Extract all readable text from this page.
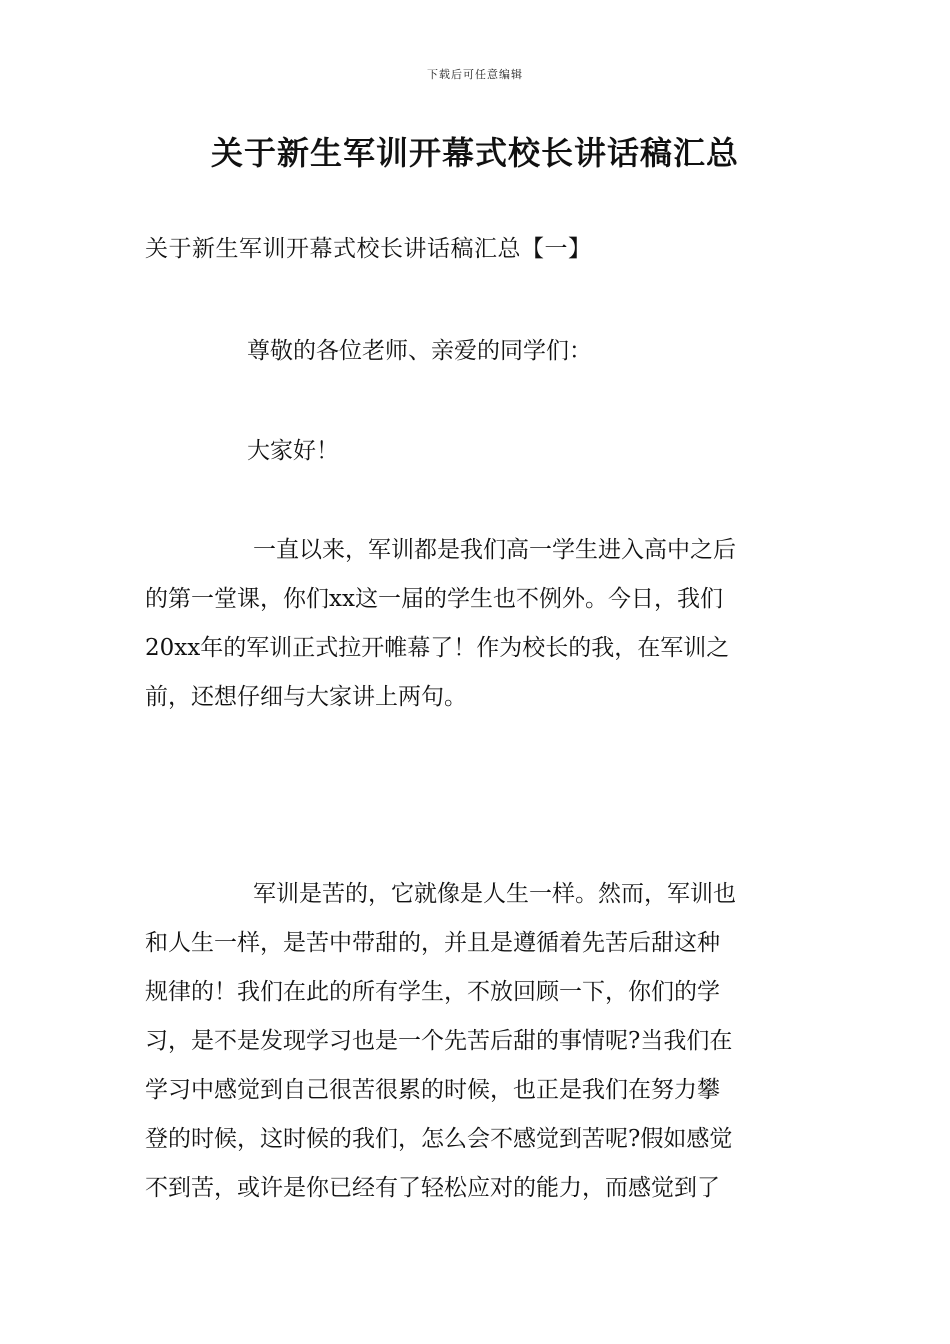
下载后可任意编辑
关于新生军训开幕式校长讲话稿汇总
关于新生军训开幕式校长讲话稿汇总【一】
尊敬的各位老师、亲爱的同学们：
大家好！
一直以来，军训都是我们高一学生进入高中之后
的第一堂课，你们xx这一届的学生也不例外。今日，我们
20xx年的军训正式拉开帷幕了！作为校长的我，在军训之
前，还想仔细与大家讲上两句。
军训是苦的，它就像是人生一样。然而，军训也
和人生一样，是苦中带甜的，并且是遵循着先苦后甜这种
规律的！我们在此的所有学生，不放回顾一下，你们的学
习，是不是发现学习也是一个先苦后甜的事情呢?当我们在
学习中感觉到自己很苦很累的时候，也正是我们在努力攀
登的时候，这时候的我们，怎么会不感觉到苦呢?假如感觉
不到苦，或许是你已经有了轻松应对的能力，而感觉到了
